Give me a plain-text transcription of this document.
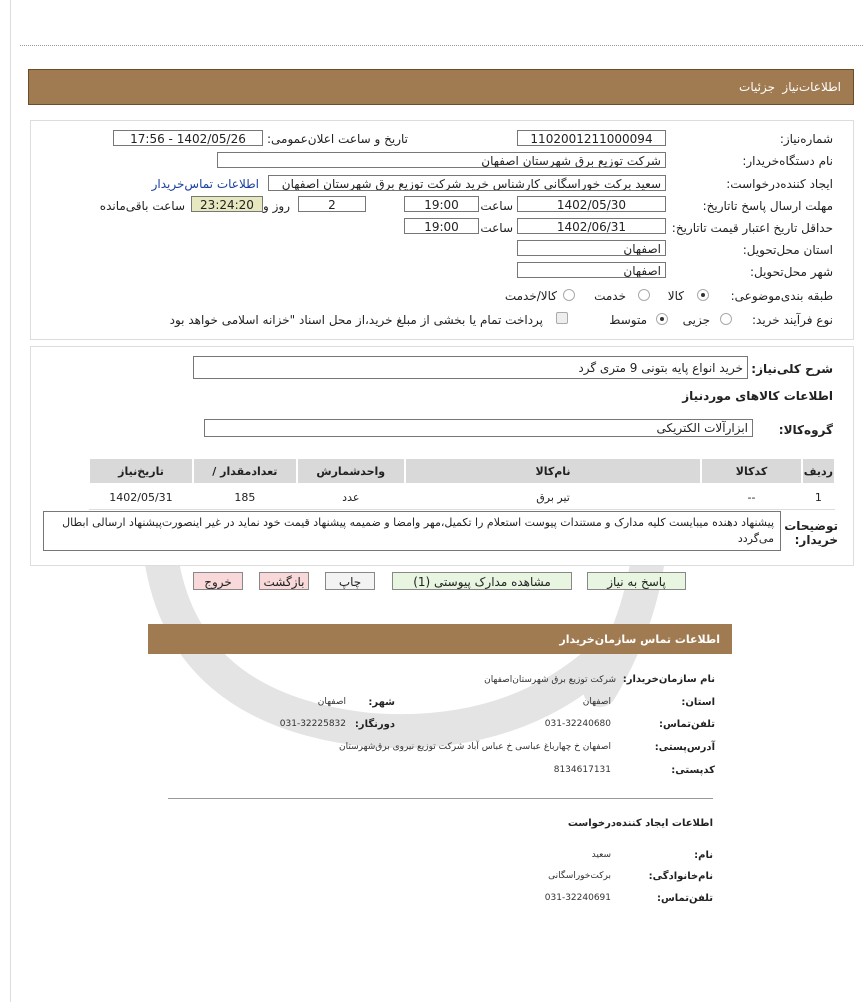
اطلاعات‌نیاز
جزئیات
شماره‌نیاز:
1102001211000094
تاریخ و ساعت اعلان‌عمومی:
1402/05/26 - 17:56
نام دستگاه‌خریدار:
شرکت توزیع برق شهرستان اصفهان
ایجاد کننده‌درخواست:
سعید برکت خوراسگانی کارشناس خرید شرکت توزیع برق شهرستان اصفهان
اطلاعات تماس‌خریدار
مهلت ارسال پاسخ تا‌تاریخ:
1402/05/30
ساعت
19:00
2
روز و
23:24:20
ساعت باقی‌مانده
حداقل تاریخ اعتبار قیمت تا‌تاریخ:
1402/06/31
ساعت
19:00
استان محل‌تحویل:
اصفهان
شهر محل‌تحویل:
اصفهان
طبقه بندی‌موضوعی:
کالا
خدمت
کالا/خدمت
نوع فرآیند خرید:
جزیی
متوسط
پرداخت تمام یا بخشی از مبلغ خرید،از محل اسناد "خزانه اسلامی خواهد بود
شرح کلی‌نیاز:
خرید انواع پایه بتونی 9 متری گرد
اطلاعات کالاهای موردنیاز
گروه‌کالا:
ابزارآلات الکتریکی
ردیف	کدکالا	نام‌کالا	واحدشمارش	تعداد‌مقدار /	تاریخ‌نیاز
1	--	تیر برق	عدد	185	1402/05/31
توضیحات خریدار:
پیشنهاد دهنده میبایست کلیه مدارک و مستندات پیوست استعلام را تکمیل،مهر وامضا و ضمیمه پیشنهاد قیمت خود نماید در غیر اینصورت‌پیشنهاد ارسالی ابطال می‌گردد
پاسخ به نیاز
مشاهده مدارک پیوستی (1)
چاپ
بازگشت
خروج
اطلاعات تماس سازمان‌خریدار
نام سازمان‌خریدار:
شرکت توزیع برق شهرستان‌اصفهان
استان:
اصفهان
شهر:
اصفهان
تلفن‌تماس:
031-32240680
دورنگار:
031-32225832
آدرس‌پستی:
اصفهان خ چهارباغ عباسی خ عباس آباد شرکت توزیع نیروی برق‌شهرستان
کد‌پستی:
8134617131
اطلاعات ایجاد کننده‌درخواست
نام:
سعید
نام‌خانوادگی:
برکت‌خوراسگانی
تلفن‌تماس:
031-32240691
